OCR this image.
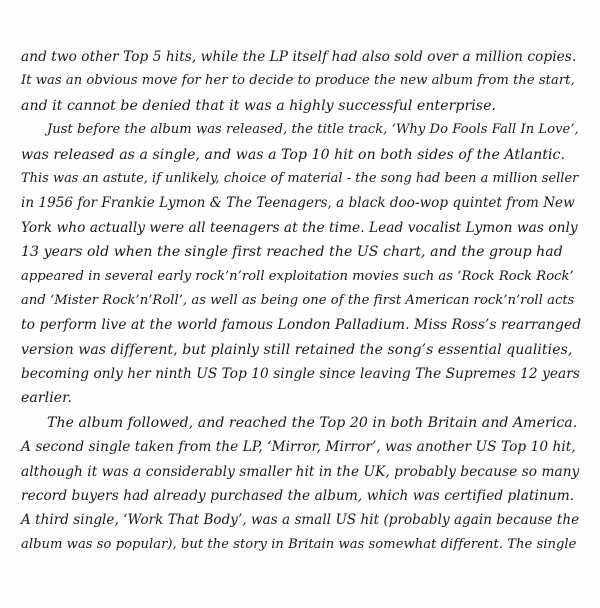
and two other Top 5 hits, while the LP itself had also sold over a million copies.
It was an obvious move for her to decide to produce the new album from the start,
and it cannot be denied that it was a highly successful enterprise.
Just before the album was released, the title track, ‘Why Do Fools Fall In Love’,
was released as a single, and was a Top 10 hit on both sides of the Atlantic.
This was an astute, if unlikely, choice of material - the song had been a million seller
in 1956 for Frankie Lymon & The Teenagers, a black doo-wop quintet from New
York who actually were all teenagers at the time. Lead vocalist Lymon was only
13 years old when the single first reached the US chart, and the group had
appeared in several early rock’n’roll exploitation movies such as ‘Rock Rock Rock’
and ‘Mister Rock’n’Roll’, as well as being one of the first American rock’n’roll acts
to perform live at the world famous London Palladium. Miss Ross’s rearranged
version was different, but plainly still retained the song’s essential qualities,
becoming only her ninth US Top 10 single since leaving The Supremes 12 years
earlier.
The album followed, and reached the Top 20 in both Britain and America.
A second single taken from the LP, ‘Mirror, Mirror’, was another US Top 10 hit,
although it was a considerably smaller hit in the UK, probably because so many
record buyers had already purchased the album, which was certified platinum.
A third single, ‘Work That Body’, was a small US hit (probably again because the
album was so popular), but the story in Britain was somewhat different. The single
